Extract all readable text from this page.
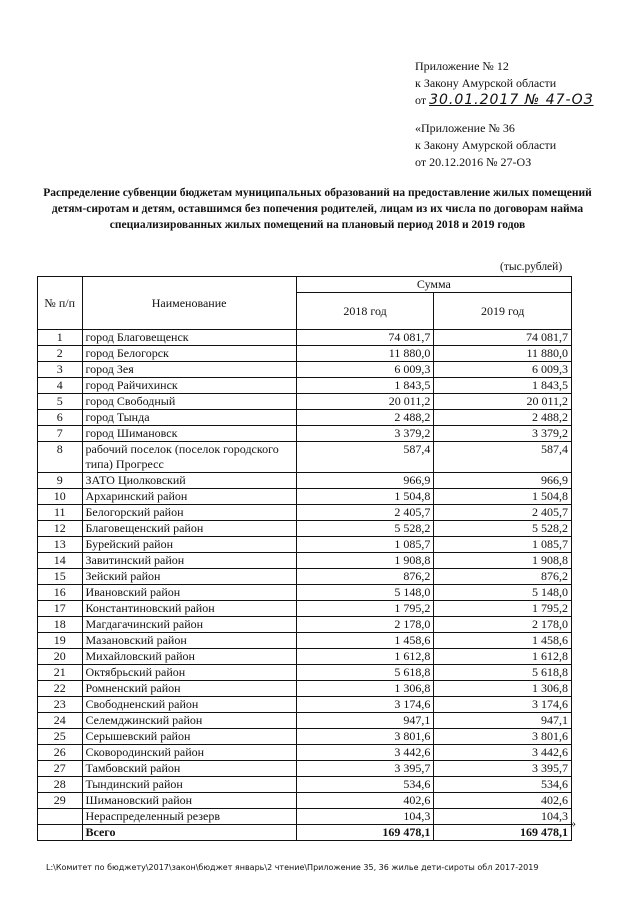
Приложение № 12
к Закону Амурской области
от 30.01.2017 № 47-ОЗ
«Приложение № 36
к Закону Амурской области
от 20.12.2016 № 27-ОЗ
Распределение субвенции бюджетам муниципальных образований на предоставление жилых помещений детям-сиротам и детям, оставшимся без попечения родителей, лицам из их числа по договорам найма специализированных жилых помещений на плановый период 2018 и 2019 годов
(тыс.рублей)
№ п/п	Наименование	Сумма	
		2018 год	2019 год
1	город Благовещенск	74 081,7	74 081,7
2	город Белогорск	11 880,0	11 880,0
3	город Зея	6 009,3	6 009,3
4	город Райчихинск	1 843,5	1 843,5
5	город Свободный	20 011,2	20 011,2
6	город Тында	2 488,2	2 488,2
7	город Шимановск	3 379,2	3 379,2
8	рабочий поселок (поселок городского типа) Прогресс	587,4	587,4
9	ЗАТО Циолковский	966,9	966,9
10	Архаринский район	1 504,8	1 504,8
11	Белогорский район	2 405,7	2 405,7
12	Благовещенский район	5 528,2	5 528,2
13	Бурейский район	1 085,7	1 085,7
14	Завитинский район	1 908,8	1 908,8
15	Зейский район	876,2	876,2
16	Ивановский район	5 148,0	5 148,0
17	Константиновский район	1 795,2	1 795,2
18	Магдагачинский район	2 178,0	2 178,0
19	Мазановский район	1 458,6	1 458,6
20	Михайловский район	1 612,8	1 612,8
21	Октябрьский район	5 618,8	5 618,8
22	Ромненский район	1 306,8	1 306,8
23	Свободненский район	3 174,6	3 174,6
24	Селемджинский район	947,1	947,1
25	Серышевский район	3 801,6	3 801,6
26	Сковородинский район	3 442,6	3 442,6
27	Тамбовский район	3 395,7	3 395,7
28	Тындинский район	534,6	534,6
29	Шимановский район	402,6	402,6
	Нераспределенный резерв	104,3	104,3
	Всего	169 478,1	169 478,1
»
L:\Комитет по бюджету\2017\закон\бюджет январь\2 чтение\Приложение 35, 36 жилье дети-сироты обл 2017-2019
